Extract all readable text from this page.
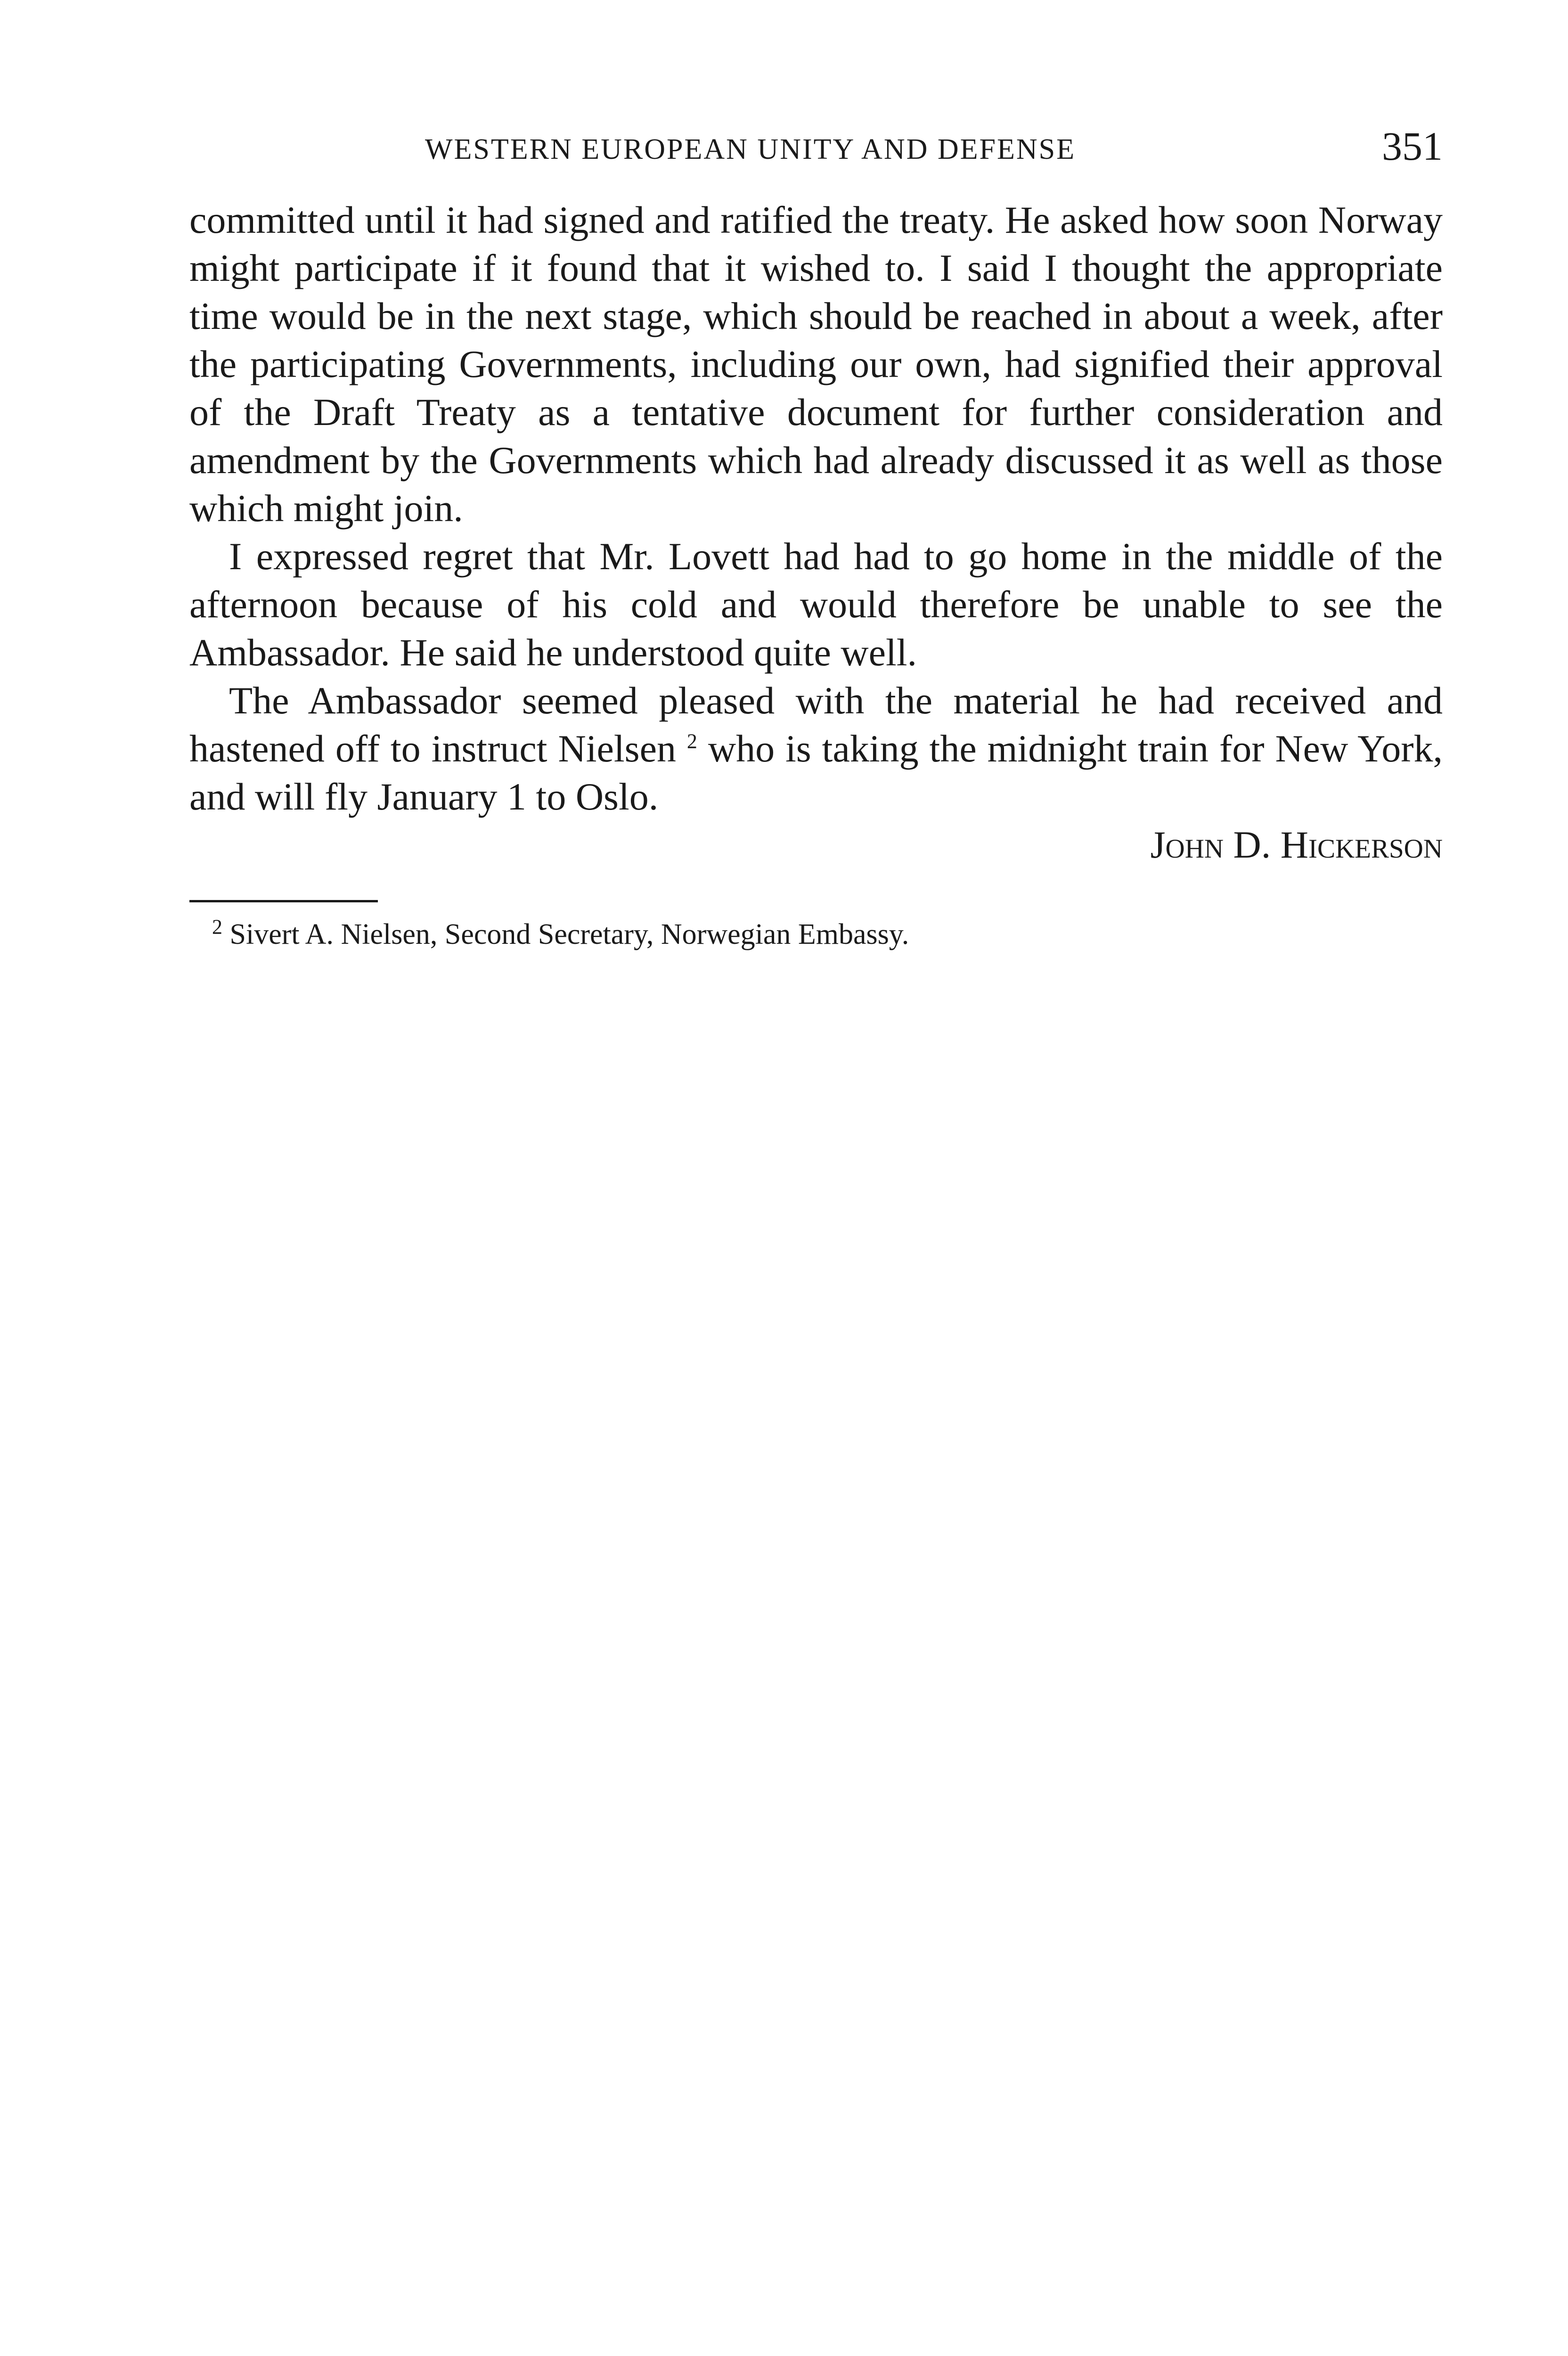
WESTERN EUROPEAN UNITY AND DEFENSE	351

committed until it had signed and ratified the treaty. He asked how soon Norway might participate if it found that it wished to. I said I thought the appropriate time would be in the next stage, which should be reached in about a week, after the participating Governments, including our own, had signified their approval of the Draft Treaty as a tentative document for further consideration and amendment by the Governments which had already discussed it as well as those which might join.

I expressed regret that Mr. Lovett had had to go home in the middle of the afternoon because of his cold and would therefore be unable to see the Ambassador. He said he understood quite well.

The Ambassador seemed pleased with the material he had received and hastened off to instruct Nielsen $^2$ who is taking the midnight train for New York, and will fly January 1 to Oslo.

John D. Hickerson
$^2$ Sivert A. Nielsen, Second Secretary, Norwegian Embassy.
